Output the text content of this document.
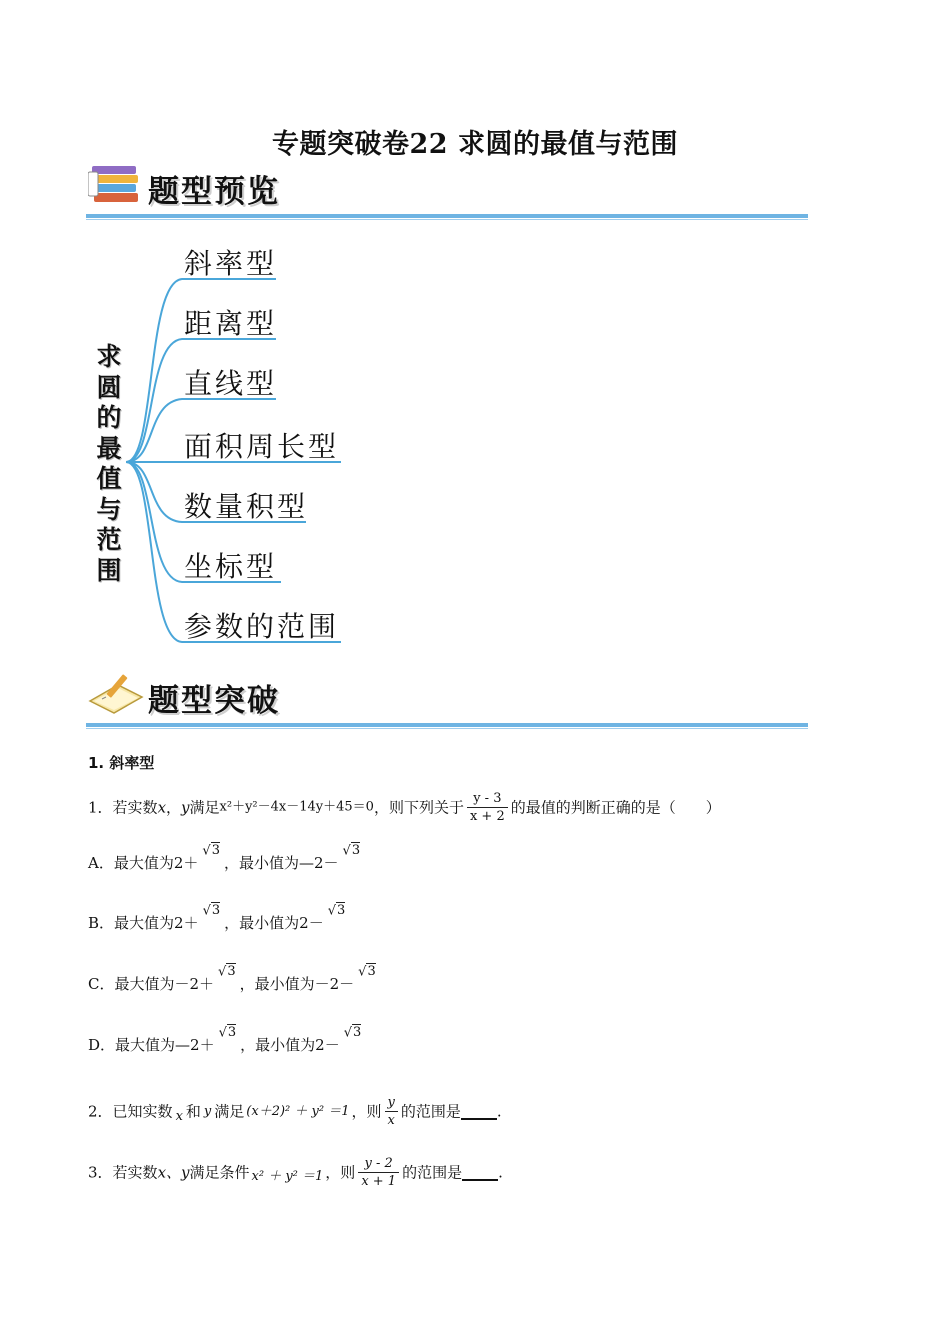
专题突破卷22 求圆的最值与范围
题型预览
求
圆
的
最
值
与
范
围
斜率型
距离型
直线型
面积周长型
数量积型
坐标型
参数的范围
题型突破
1. 斜率型
1．若实数x，y满足x²＋y²－4x－14y＋45＝0，则下列关于 $\frac{y - 3}{x + 2}$ 的最值的判断正确的是（　　）
A．最大值为2＋√3，最小值为—2－√3
B．最大值为2＋√3，最小值为2－√3
C．最大值为－2＋√3，最小值为－2－√3
D．最大值为—2＋√3，最小值为2－√3
2．已知实数 x 和 y 满足 (x＋2)² ＋ y² ＝1 ，则 $\frac{y}{x}$ 的范围是 .
3．若实数x、y满足条件 x² ＋ y² ＝1 ，则 $\frac{y - 2}{x + 1}$ 的范围是 .
